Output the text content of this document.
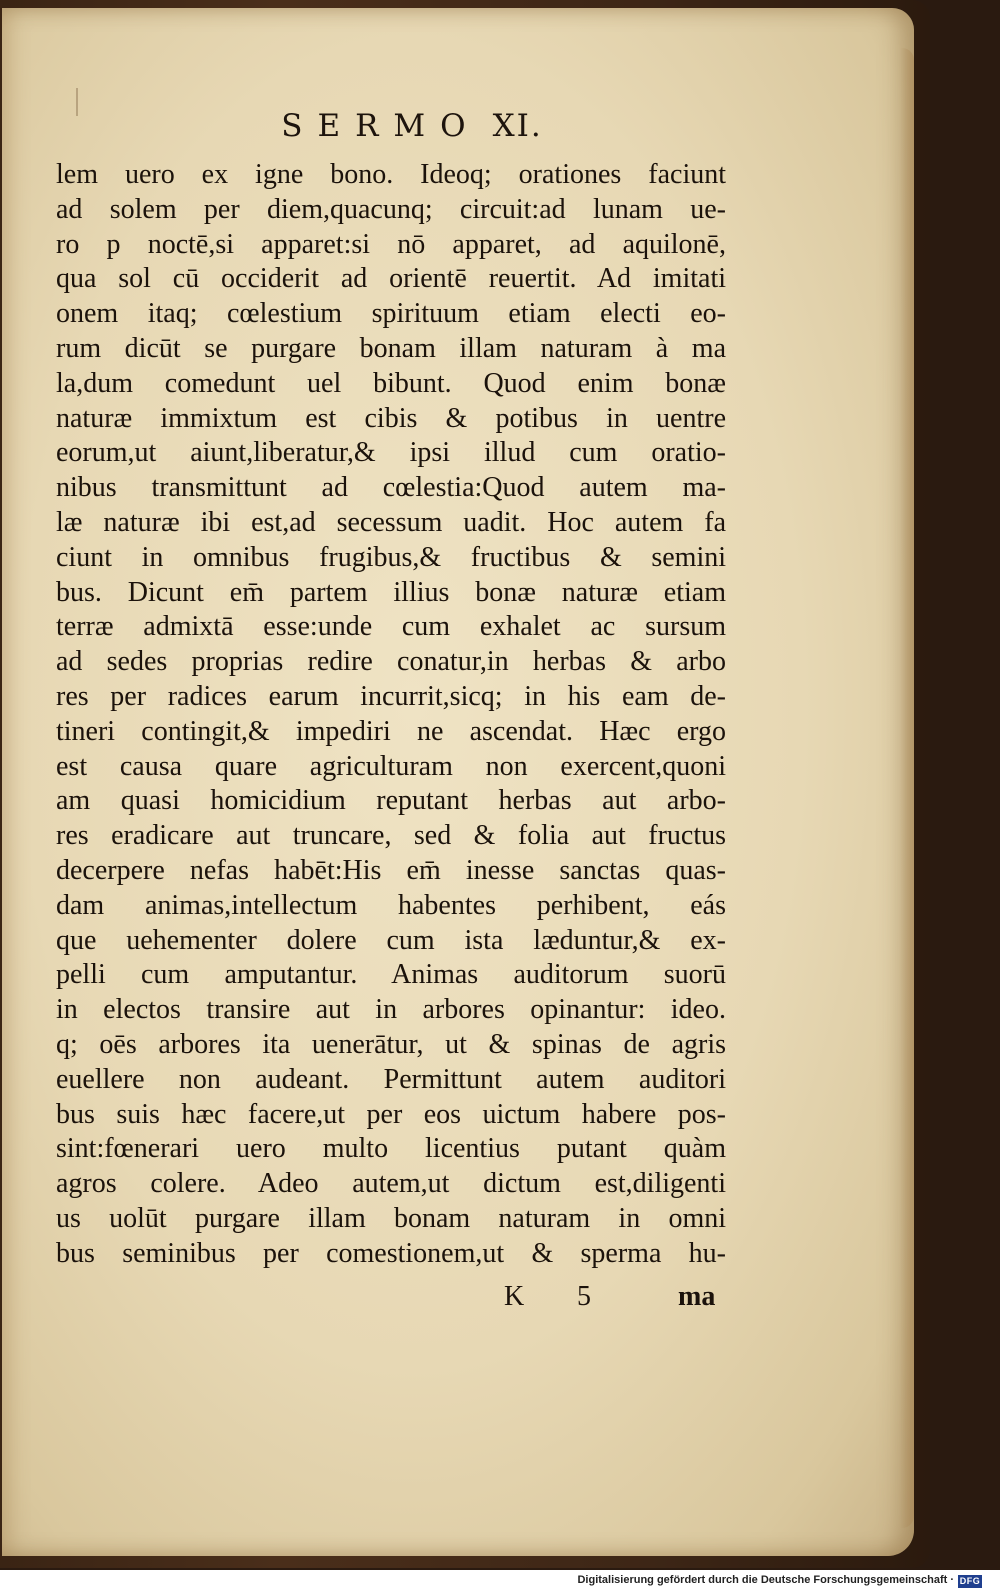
SERMO XI.
lem uero ex igne bono. Ideoq; orationes faciunt
ad solem per diem,quacunq; circuit:ad lunam ue-
ro p noctē,si apparet:si nō apparet, ad aquilonē,
qua sol cū occiderit ad orientē reuertit. Ad imitati
onem itaq; cœlestium spirituum etiam electi eo-
rum dicūt se purgare bonam illam naturam à ma
la,dum comedunt uel bibunt. Quod enim bonæ
naturæ immixtum est cibis & potibus in uentre
eorum,ut aiunt,liberatur,& ipsi illud cum oratio-
nibus transmittunt ad cœlestia:Quod autem ma-
læ naturæ ibi est,ad secessum uadit. Hoc autem fa
ciunt in omnibus frugibus,& fructibus & semini
bus. Dicunt em̄ partem illius bonæ naturæ etiam
terræ admixtā esse:unde cum exhalet ac sursum
ad sedes proprias redire conatur,in herbas & arbo
res per radices earum incurrit,sicq; in his eam de-
tineri contingit,& impediri ne ascendat. Hæc ergo
est causa quare agriculturam non exercent,quoni
am quasi homicidium reputant herbas aut arbo-
res eradicare aut truncare, sed & folia aut fructus
decerpere nefas habēt:His em̄ inesse sanctas quas-
dam animas,intellectum habentes perhibent, eás
que uehementer dolere cum ista læduntur,& ex-
pelli cum amputantur. Animas auditorum suorū
in electos transire aut in arbores opinantur: ideo.
q; oēs arbores ita uenerātur, ut & spinas de agris
euellere non audeant. Permittunt autem auditori
bus suis hæc facere,ut per eos uictum habere pos-
sint:fœnerari uero multo licentius putant quàm
agros colere. Adeo autem,ut dictum est,diligenti
us uolūt purgare illam bonam naturam in omni
bus seminibus per comestionem,ut & sperma hu-
K 5	ma
Digitalisierung gefördert durch die Deutsche Forschungsgemeinschaft · DFG
